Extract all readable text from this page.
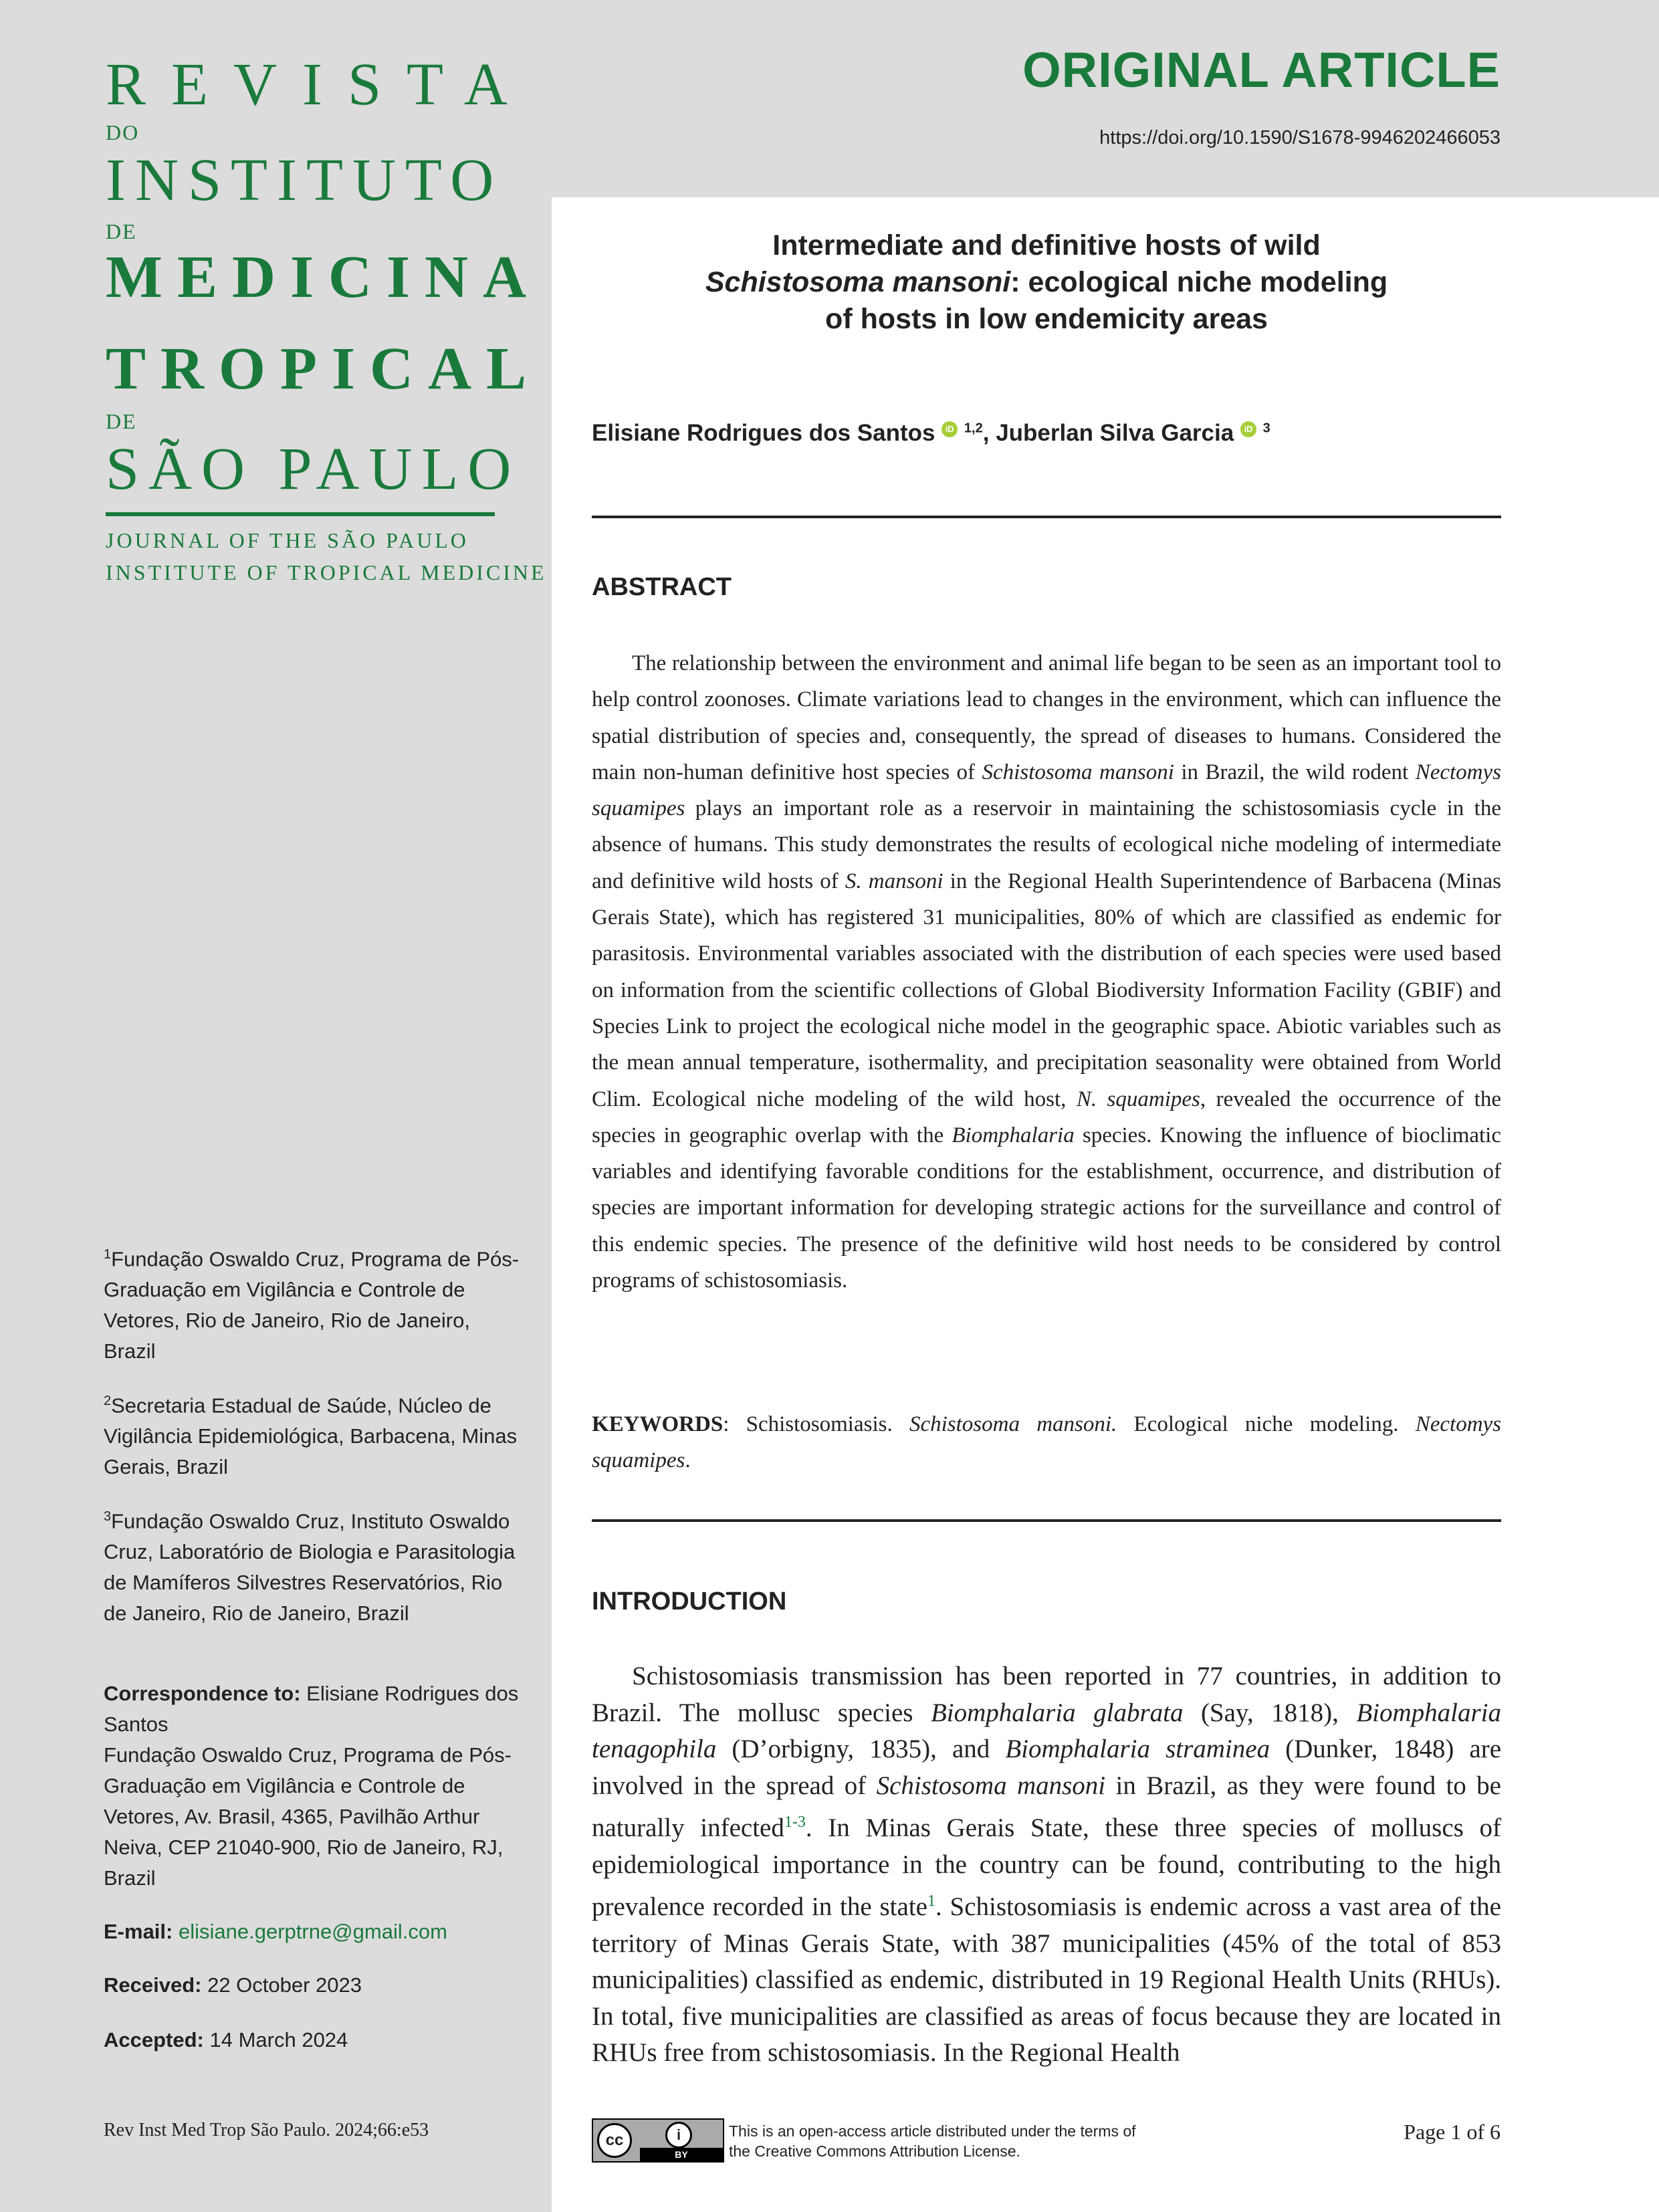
REVISTA
DO
INSTITUTO
DE
MEDICINA
TROPICAL
DE
SÃO PAULO
JOURNAL OF THE SÃO PAULO
INSTITUTE OF TROPICAL MEDICINE
ORIGINAL ARTICLE
https://doi.org/10.1590/S1678-9946202466053
Intermediate and definitive hosts of wild
Schistosoma mansoni: ecological niche modeling
of hosts in low endemicity areas
Elisiane Rodrigues dos Santos iD $^{1,2}$, Juberlan Silva Garcia iD $^3$
ABSTRACT
The relationship between the environment and animal life began to be seen as an important tool to help control zoonoses. Climate variations lead to changes in the environment, which can influence the spatial distribution of species and, consequently, the spread of diseases to humans. Considered the main non-human definitive host species of Schistosoma mansoni in Brazil, the wild rodent Nectomys squamipes plays an important role as a reservoir in maintaining the schistosomiasis cycle in the absence of humans. This study demonstrates the results of ecological niche modeling of intermediate and definitive wild hosts of S. mansoni in the Regional Health Superintendence of Barbacena (Minas Gerais State), which has registered 31 municipalities, 80% of which are classified as endemic for parasitosis. Environmental variables associated with the distribution of each species were used based on information from the scientific collections of Global Biodiversity Information Facility (GBIF) and Species Link to project the ecological niche model in the geographic space. Abiotic variables such as the mean annual temperature, isothermality, and precipitation seasonality were obtained from World Clim. Ecological niche modeling of the wild host, N. squamipes, revealed the occurrence of the species in geographic overlap with the Biomphalaria species. Knowing the influence of bioclimatic variables and identifying favorable conditions for the establishment, occurrence, and distribution of species are important information for developing strategic actions for the surveillance and control of this endemic species. The presence of the definitive wild host needs to be considered by control programs of schistosomiasis.
KEYWORDS: Schistosomiasis. Schistosoma mansoni. Ecological niche modeling. Nectomys squamipes.
INTRODUCTION
Schistosomiasis transmission has been reported in 77 countries, in addition to Brazil. The mollusc species Biomphalaria glabrata (Say, 1818), Biomphalaria tenagophila (D’orbigny, 1835), and Biomphalaria straminea (Dunker, 1848) are involved in the spread of Schistosoma mansoni in Brazil, as they were found to be naturally infected$^{1-3}$. In Minas Gerais State, these three species of molluscs of epidemiological importance in the country can be found, contributing to the high prevalence recorded in the state$^1$. Schistosomiasis is endemic across a vast area of the territory of Minas Gerais State, with 387 municipalities (45% of the total of 853 municipalities) classified as endemic, distributed in 19 Regional Health Units (RHUs). In total, five municipalities are classified as areas of focus because they are located in RHUs free from schistosomiasis. In the Regional Health
$^1$Fundação Oswaldo Cruz, Programa de Pós-Graduação em Vigilância e Controle de Vetores, Rio de Janeiro, Rio de Janeiro, Brazil
$^2$Secretaria Estadual de Saúde, Núcleo de Vigilância Epidemiológica, Barbacena, Minas Gerais, Brazil
$^3$Fundação Oswaldo Cruz, Instituto Oswaldo Cruz, Laboratório de Biologia e Parasitologia de Mamíferos Silvestres Reservatórios, Rio de Janeiro, Rio de Janeiro, Brazil
Correspondence to: Elisiane Rodrigues dos Santos
Fundação Oswaldo Cruz, Programa de Pós-Graduação em Vigilância e Controle de Vetores, Av. Brasil, 4365, Pavilhão Arthur Neiva, CEP 21040-900, Rio de Janeiro, RJ, Brazil
E-mail: elisiane.gerptrne@gmail.com
Received: 22 October 2023
Accepted: 14 March 2024
Rev Inst Med Trop São Paulo. 2024;66:e53	cc	i
BY
This is an open-access article distributed under the terms of the Creative Commons Attribution License.
Page 1 of 6
